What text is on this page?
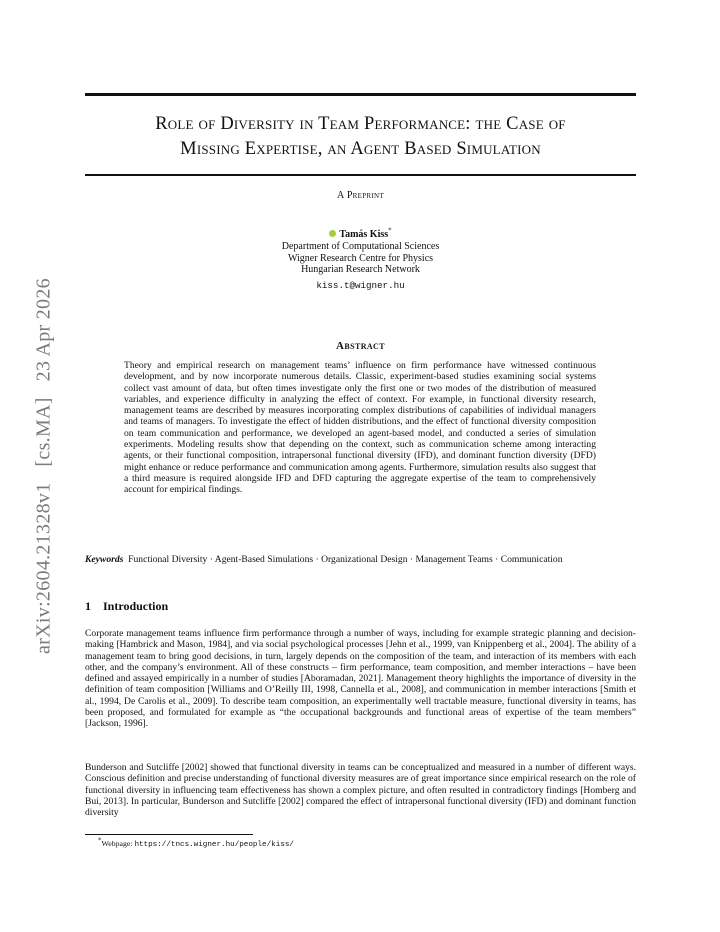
arXiv:2604.21328v1   [cs.MA]   23 Apr 2026
Role of Diversity in Team Performance: the Case of
Missing Expertise, an Agent Based Simulation
A Preprint
Tamás Kiss*
Department of Computational Sciences
Wigner Research Centre for Physics
Hungarian Research Network
kiss.t@wigner.hu
Abstract
Theory and empirical research on management teams’ influence on firm performance have witnessed continuous development, and by now incorporate numerous details. Classic, experiment-based studies examining social systems collect vast amount of data, but often times investigate only the first one or two modes of the distribution of measured variables, and experience difficulty in analyzing the effect of context. For example, in functional diversity research, management teams are described by measures incorporating complex distributions of capabilities of individual managers and teams of managers. To investigate the effect of hidden distributions, and the effect of functional diversity composition on team communication and performance, we developed an agent-based model, and conducted a series of simulation experiments. Modeling results show that depending on the context, such as communication scheme among interacting agents, or their functional composition, intrapersonal functional diversity (IFD), and dominant function diversity (DFD) might enhance or reduce performance and communication among agents. Furthermore, simulation results also suggest that a third measure is required alongside IFD and DFD capturing the aggregate expertise of the team to comprehensively account for empirical findings.
Keywords Functional Diversity · Agent-Based Simulations · Organizational Design · Management Teams · Communication
1 Introduction

Corporate management teams influence firm performance through a number of ways, including for example strategic planning and decision-making [Hambrick and Mason, 1984], and via social psychological processes [Jehn et al., 1999, van Knippenberg et al., 2004]. The ability of a management team to bring good decisions, in turn, largely depends on the composition of the team, and interaction of its members with each other, and the company’s environment. All of these constructs – firm performance, team composition, and member interactions – have been defined and assayed empirically in a number of studies [Aboramadan, 2021]. Management theory highlights the importance of diversity in the definition of team composition [Williams and O’Reilly III, 1998, Cannella et al., 2008], and communication in member interactions [Smith et al., 1994, De Carolis et al., 2009]. To describe team composition, an experimentally well tractable measure, functional diversity in teams, has been proposed, and formulated for example as “the occupational backgrounds and functional areas of expertise of the team members” [Jackson, 1996].

Bunderson and Sutcliffe [2002] showed that functional diversity in teams can be conceptualized and measured in a number of different ways. Conscious definition and precise understanding of functional diversity measures are of great importance since empirical research on the role of functional diversity in influencing team effectiveness has shown a complex picture, and often resulted in contradictory findings [Homberg and Bui, 2013]. In particular, Bunderson and Sutcliffe [2002] compared the effect of intrapersonal functional diversity (IFD) and dominant function diversity

*Webpage: https://tncs.wigner.hu/people/kiss/
